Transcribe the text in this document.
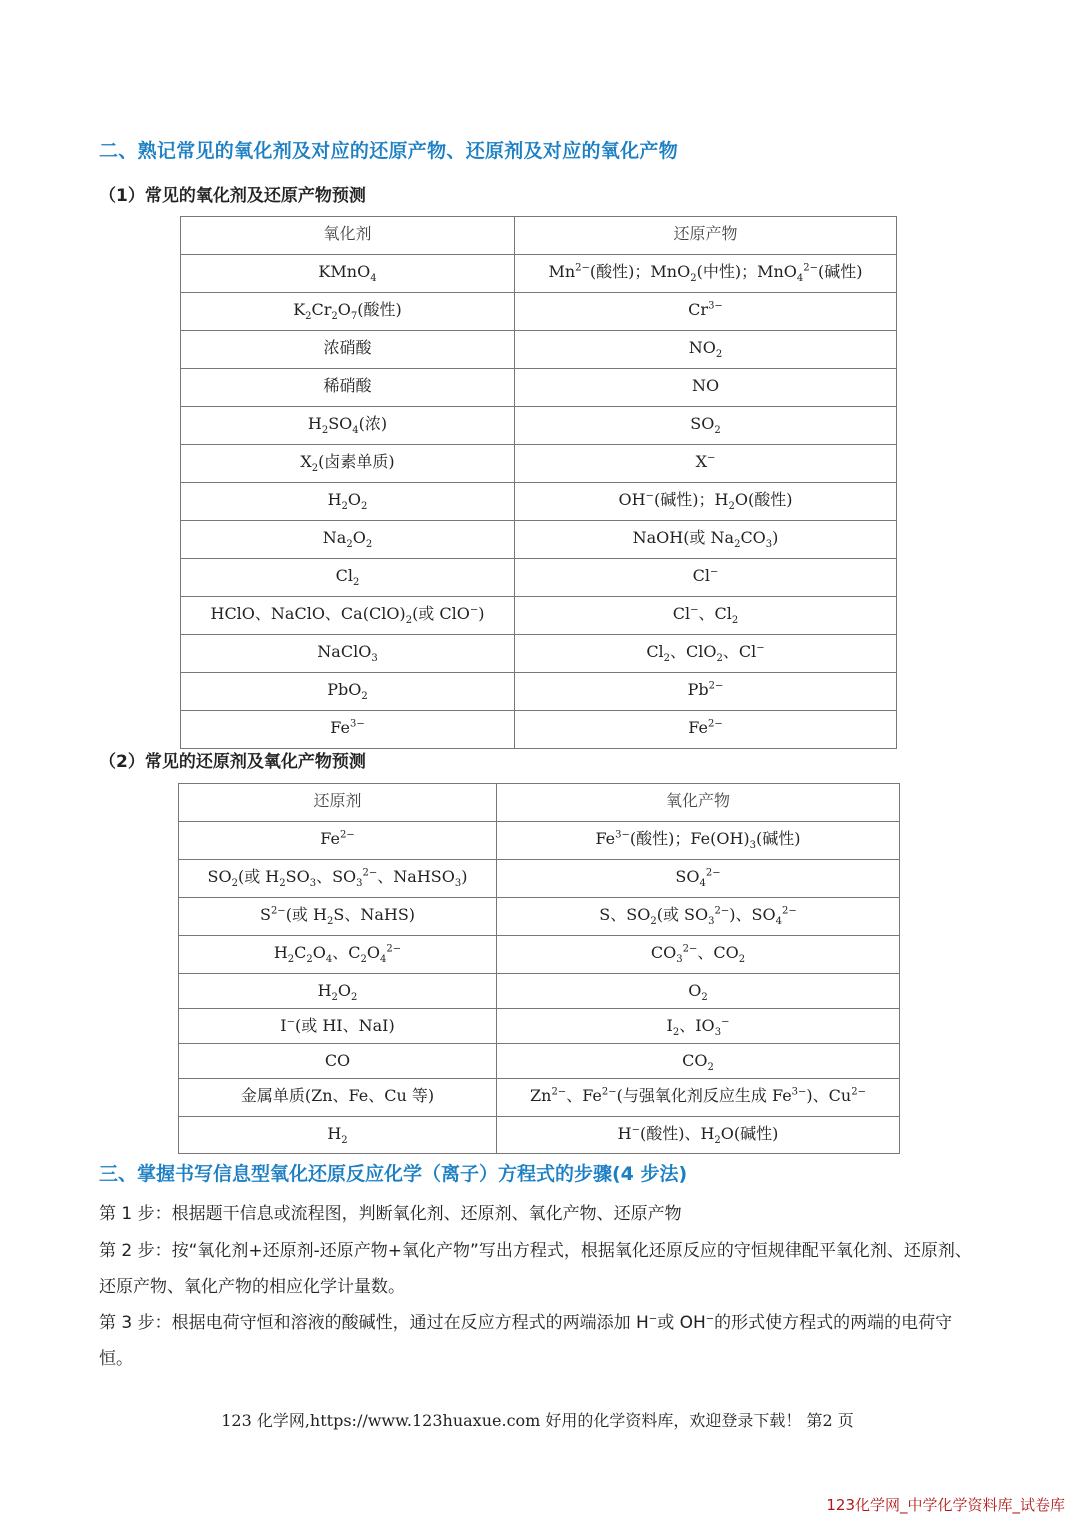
二、熟记常见的氧化剂及对应的还原产物、还原剂及对应的氧化产物
（1）常见的氧化剂及还原产物预测
氧化剂	还原产物
KMnO$_4$	$Mn^{2-}$(酸性)；MnO$_2$(中性)；MnO$_4^{2-}$(碱性)
$K_2Cr_2O_7$(酸性)	$Cr^{3-}$
浓硝酸	$NO_2$
稀硝酸	NO
$H_2SO_4$(浓)	$SO_2$
$X_2$(卤素单质)	X−
$H_2O_2$	OH−(碱性)；$H_2O$(酸性)
$Na_2O_2$	NaOH(或 $Na_2CO_3$)
$Cl_2$	Cl−
HClO、NaClO、$Ca(ClO)_2$(或 ClO−)	Cl−、$Cl_2$
NaClO$_3$	$Cl_2$、ClO$_2$、Cl−
PbO$_2$	$Pb^{2-}$
$Fe^{3-}$	$Fe^{2-}$
（2）常见的还原剂及氧化产物预测
还原剂	氧化产物
$Fe^{2-}$	$Fe^{3-}$(酸性)；$Fe(OH)_3$(碱性)
$SO_2$(或 $H_2SO_3$、$SO_3^{2-}$、NaHSO$_3$)	$SO_4^{2-}$
$S^{2-}$(或 $H_2S$、NaHS)	S、$SO_2$(或 $SO_3^{2-}$)、$SO_4^{2-}$
$H_2C_2O_4$、$C_2O_4^{2-}$	$CO_3^{2-}$、$CO_2$
$H_2O_2$	$O_2$
I−(或 HI、NaI)	$I_2$、$IO_3^-$
CO	$CO_2$
金属单质(Zn、Fe、Cu 等)	$Zn^{2-}$、$Fe^{2-}$(与强氧化剂反应生成 $Fe^{3-}$)、$Cu^{2-}$
$H_2$	H−(酸性)、$H_2O$(碱性)
三、掌握书写信息型氧化还原反应化学（离子）方程式的步骤(4 步法)
第 1 步：根据题干信息或流程图，判断氧化剂、还原剂、氧化产物、还原产物
第 2 步：按“氧化剂+还原剂-还原产物+氧化产物”写出方程式，根据氧化还原反应的守恒规律配平氧化剂、还原剂、还原产物、氧化产物的相应化学计量数。
第 3 步：根据电荷守恒和溶液的酸碱性，通过在反应方程式的两端添加 H−或 OH−的形式使方程式的两端的电荷守恒。
123 化学网,https://www.123huaxue.com 好用的化学资料库，欢迎登录下载！ 第2 页
123化学网_中学化学资料库_试卷库
